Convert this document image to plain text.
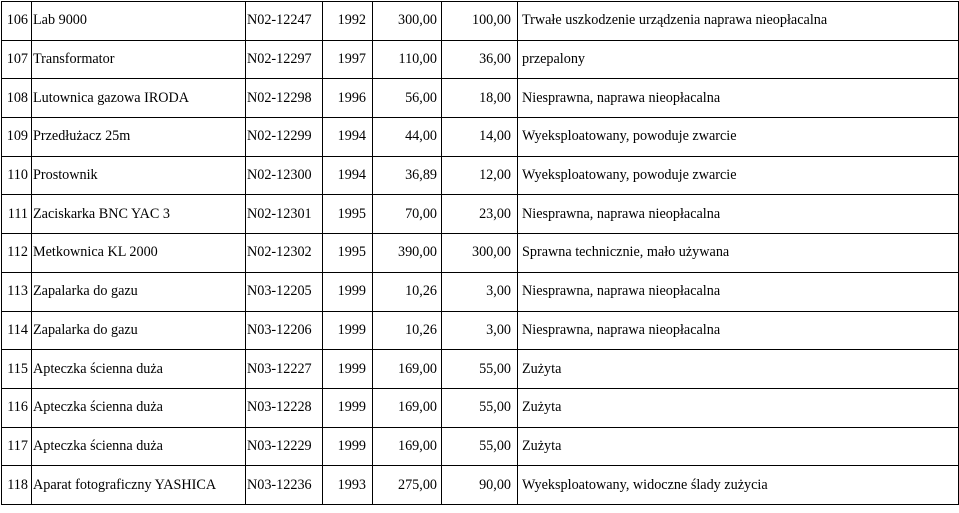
106	Lab 9000	N02-12247	1992	300,00	100,00	Trwałe uszkodzenie urządzenia naprawa nieopłacalna
107	Transformator	N02-12297	1997	110,00	36,00	przepalony
108	Lutownica gazowa IRODA	N02-12298	1996	56,00	18,00	Niesprawna, naprawa nieopłacalna
109	Przedłużacz 25m	N02-12299	1994	44,00	14,00	Wyeksploatowany, powoduje zwarcie
110	Prostownik	N02-12300	1994	36,89	12,00	Wyeksploatowany, powoduje zwarcie
111	Zaciskarka BNC YAC 3	N02-12301	1995	70,00	23,00	Niesprawna, naprawa nieopłacalna
112	Metkownica KL 2000	N02-12302	1995	390,00	300,00	Sprawna technicznie, mało używana
113	Zapalarka do gazu	N03-12205	1999	10,26	3,00	Niesprawna, naprawa nieopłacalna
114	Zapalarka do gazu	N03-12206	1999	10,26	3,00	Niesprawna, naprawa nieopłacalna
115	Apteczka ścienna duża	N03-12227	1999	169,00	55,00	Zużyta
116	Apteczka ścienna duża	N03-12228	1999	169,00	55,00	Zużyta
117	Apteczka ścienna duża	N03-12229	1999	169,00	55,00	Zużyta
118	Aparat fotograficzny YASHICA	N03-12236	1993	275,00	90,00	Wyeksploatowany, widoczne ślady zużycia
